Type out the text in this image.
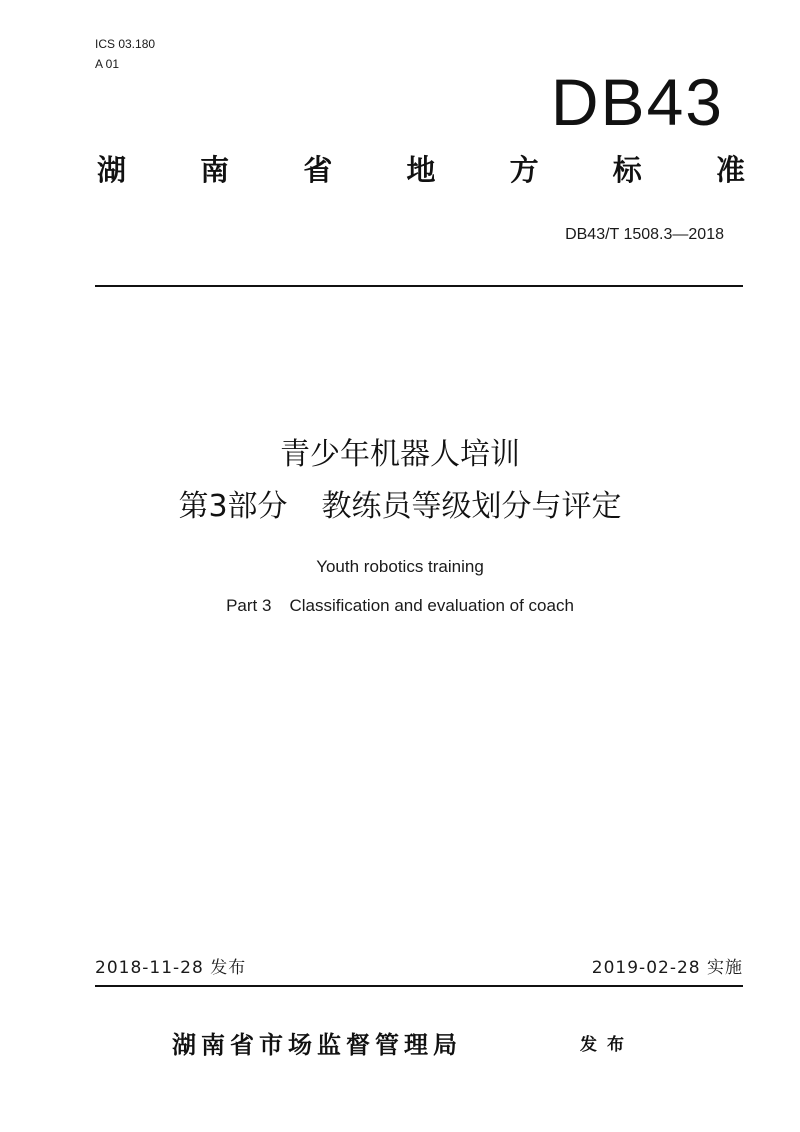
ICS 03.180
A 01
DB43
湖	南	省	地	方	标	准
DB43/T 1508.3—2018
青少年机器人培训
第3部分 教练员等级划分与评定
Youth robotics training
Part 3 Classification and evaluation of coach
2018-11-28 发布	2019-02-28 实施
湖南省市场监督管理局	发布
